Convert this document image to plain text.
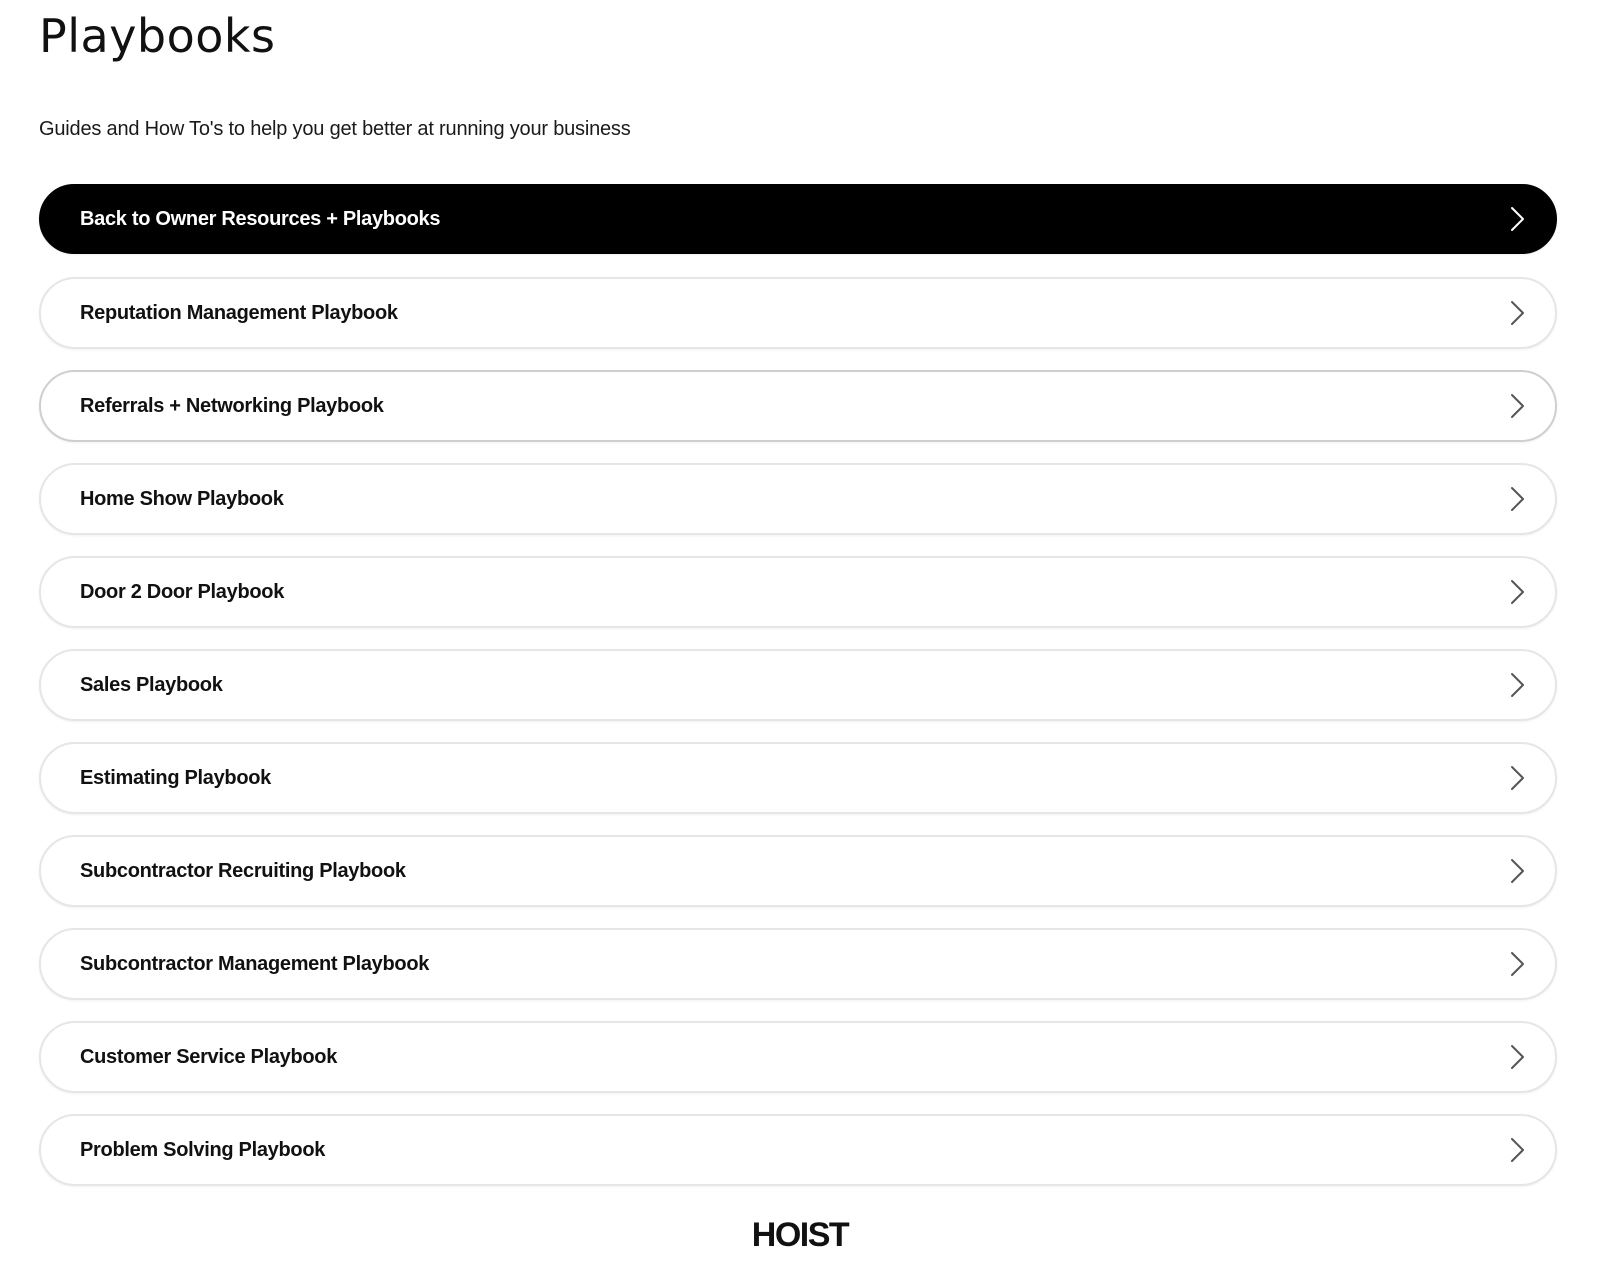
Playbooks

Guides and How To's to help you get better at running your business

Back to Owner Resources + Playbooks
Reputation Management Playbook
Referrals + Networking Playbook
Home Show Playbook
Door 2 Door Playbook
Sales Playbook
Estimating Playbook
Subcontractor Recruiting Playbook
Subcontractor Management Playbook
Customer Service Playbook
Problem Solving Playbook
HOIST
